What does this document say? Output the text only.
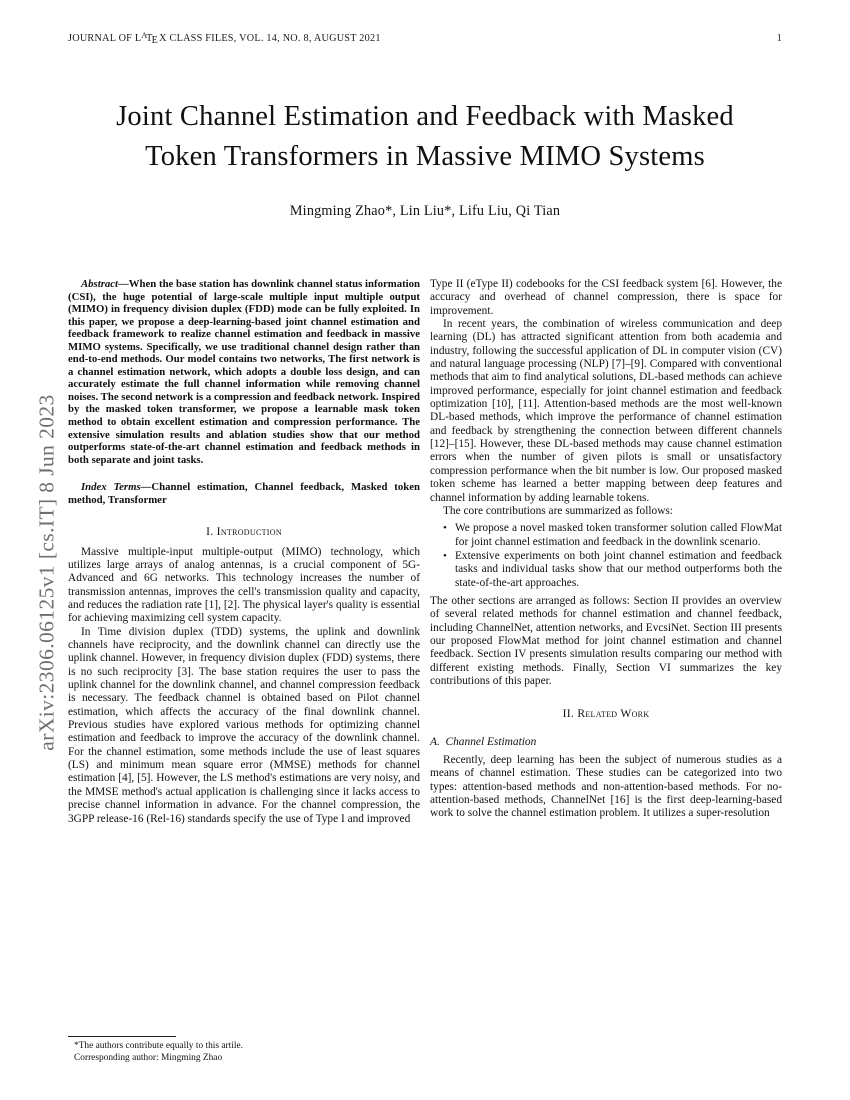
arXiv:2306.06125v1 [cs.IT] 8 Jun 2023
JOURNAL OF $L^ATEX$ CLASS FILES, VOL. 14, NO. 8, AUGUST 2021	1
Joint Channel Estimation and Feedback with Masked Token Transformers in Massive MIMO Systems
Mingming Zhao*, Lin Liu*, Lifu Liu, Qi Tian

Abstract—When the base station has downlink channel status information (CSI), the huge potential of large-scale multiple input multiple output (MIMO) in frequency division duplex (FDD) mode can be fully exploited. In this paper, we propose a deep-learning-based joint channel estimation and feedback framework to realize channel estimation and feedback in massive MIMO systems. Specifically, we use traditional channel design rather than end-to-end methods. Our model contains two networks, The first network is a channel estimation network, which adopts a double loss design, and can accurately estimate the full channel information while removing channel noises. The second network is a compression and feedback network. Inspired by the masked token transformer, we propose a learnable mask token method to obtain excellent estimation and compression performance. The extensive simulation results and ablation studies show that our method outperforms state-of-the-art channel estimation and feedback methods in both separate and joint tasks.

Index Terms—Channel estimation, Channel feedback, Masked token method, Transformer

I. Introduction

Massive multiple-input multiple-output (MIMO) technology, which utilizes large arrays of analog antennas, is a crucial component of 5G-Advanced and 6G networks. This technology increases the number of transmission antennas, improves the cell's transmission quality and capacity, and reduces the radiation rate [1], [2]. The physical layer's quality is essential for achieving maximizing cell system capacity.

In Time division duplex (TDD) systems, the uplink and downlink channels have reciprocity, and the downlink channel can directly use the uplink channel. However, in frequency division duplex (FDD) systems, there is no such reciprocity [3]. The base station requires the user to pass the uplink channel for the downlink channel, and channel compression feedback is necessary. The feedback channel is obtained based on Pilot channel estimation, which affects the accuracy of the final downlink channel. Previous studies have explored various methods for optimizing channel estimation and feedback to improve the accuracy of the downlink channel. For the channel estimation, some methods include the use of least squares (LS) and minimum mean square error (MMSE) methods for channel estimation [4], [5]. However, the LS method's estimations are very noisy, and the MMSE method's actual application is challenging since it lacks access to precise channel information in advance. For the channel compression, the 3GPP release-16 (Rel-16) standards specify the use of Type I and improved

Type II (eType II) codebooks for the CSI feedback system [6]. However, the accuracy and overhead of channel compression, there is space for improvement.

In recent years, the combination of wireless communication and deep learning (DL) has attracted significant attention from both academia and industry, following the successful application of DL in computer vision (CV) and natural language processing (NLP) [7]–[9]. Compared with conventional methods that aim to find analytical solutions, DL-based methods can achieve improved performance, especially for joint channel estimation and feedback optimization [10], [11]. Attention-based methods are the most well-known DL-based methods, which improve the performance of channel estimation and feedback by strengthening the connection between different channels [12]–[15]. However, these DL-based methods may cause channel estimation errors when the number of given pilots is small or unsatisfactory compression performance when the bit number is low. Our proposed masked token scheme has learned a better mapping between deep features and channel information by adding learnable tokens.

The core contributions are summarized as follows:

• We propose a novel masked token transformer solution called FlowMat for joint channel estimation and feedback in the downlink scenario.
• Extensive experiments on both joint channel estimation and feedback tasks and individual tasks show that our method outperforms both the state-of-the-art approaches.

The other sections are arranged as follows: Section II provides an overview of several related methods for channel estimation and channel feedback, including ChannelNet, attention networks, and EvcsiNet. Section III presents our proposed FlowMat method for joint channel estimation and channel feedback. Section IV presents simulation results comparing our method with different existing methods. Finally, Section VI summarizes the key contributions of this paper.

II. Related Work
A. Channel Estimation

Recently, deep learning has been the subject of numerous studies as a means of channel estimation. These studies can be categorized into two types: attention-based methods and non-attention-based methods. For no-attention-based methods, ChannelNet [16] is the first deep-learning-based work to solve the channel estimation problem. It utilizes a super-resolution

*The authors contribute equally to this artile.

Corresponding author: Mingming Zhao
